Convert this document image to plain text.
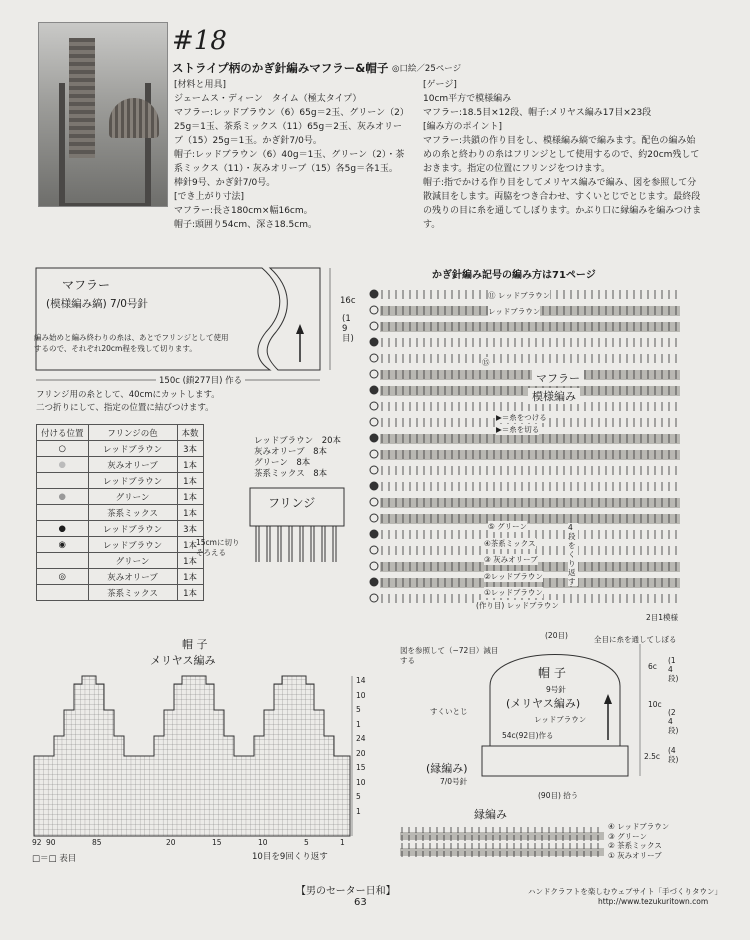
#18
ストライプ柄のかぎ針編みマフラー&帽子 ◎口絵／25ページ
[材料と用具]
ジェームス・ディーン　タイム（極太タイプ）
マフラー:レッドブラウン（6）65g＝2玉、グリーン（2）25g＝1玉、茶系ミックス（11）65g＝2玉、灰みオリーブ（15）25g＝1玉。かぎ針7/0号。
帽子:レッドブラウン（6）40g＝1玉、グリーン（2）・茶系ミックス（11）・灰みオリーブ（15）各5g＝各1玉。棒針9号、かぎ針7/0号。
[でき上がり寸法]
マフラー:長さ180cm×幅16cm。
帽子:頭囲り54cm、深さ18.5cm。
[ゲージ]
10cm平方で模様編み
マフラー:18.5目×12段、帽子:メリヤス編み17目×23段
[編み方のポイント]
マフラー:共鎖の作り目をし、模様編み縞で編みます。配色の編み始めの糸と終わりの糸はフリンジとして使用するので、約20cm残しておきます。指定の位置にフリンジをつけます。
帽子:指でかける作り目をしてメリヤス編みで編み、図を参照して分散減目をします。両脇をつき合わせ、すくいとじでとじます。最終段の残りの目に糸を通してしぼります。かぶり口に縁編みを編みつけます。
マフラー
(模様編み縞) 7/0号針
編み始めと編み終わりの糸は、あとでフリンジとして使用するので、それぞれ20cm程を残して切ります。
16c
(19目)
150c (鎖277目) 作る
フリンジ用の糸として、40cmにカットします。
二つ折りにして、指定の位置に結びつけます。
付ける位置	フリンジの色	本数
○	レッドブラウン	3本
●	灰みオリーブ	1本
	レッドブラウン	1本
●	グリーン	1本
	茶系ミックス	1本
●	レッドブラウン	3本
◉	レッドブラウン	1本
	グリーン	1本
◎	灰みオリーブ	1本
	茶系ミックス	1本
レッドブラウン　 20本
灰みオリーブ　 8本
グリーン　 8本
茶系ミックス　 8本
フリンジ
15cmに切りそろえる
かぎ針編み記号の編み方は71ページ
マフラー
模様編み
▶＝糸をつける
▶＝糸を切る
⑪ レッドブラウン
レッドブラウン
⑮
⑤ グリーン
④茶系ミックス
③ 灰みオリーブ
②レッドブラウン
①レッドブラウン
(作り目) レッドブラウン
4段をくり返す
2目1模様
帽 子
メリヤス編み
14
10
5
1
24
20
15
10
5
1
92 90	85	20	15	10	5	1
□＝□ 表目	10目を9回くり返す
(20目)
図を参照して（−72目）減目する
全目に糸を通してしぼる
帽 子
9号針
(メリヤス編み)
レッドブラウン
54c(92目)作る
すくいとじ
6c
(14段)
10c
(24段)
2.5c
(4段)
(縁編み)
7/0号針
(90目) 拾う
縁編み
④ レッドブラウン
③ グリーン
② 茶系ミックス
① 灰みオリーブ
【男のセーター日和】
63
ハンドクラフトを楽しむウェブサイト「手づくりタウン」
http://www.tezukuritown.com
